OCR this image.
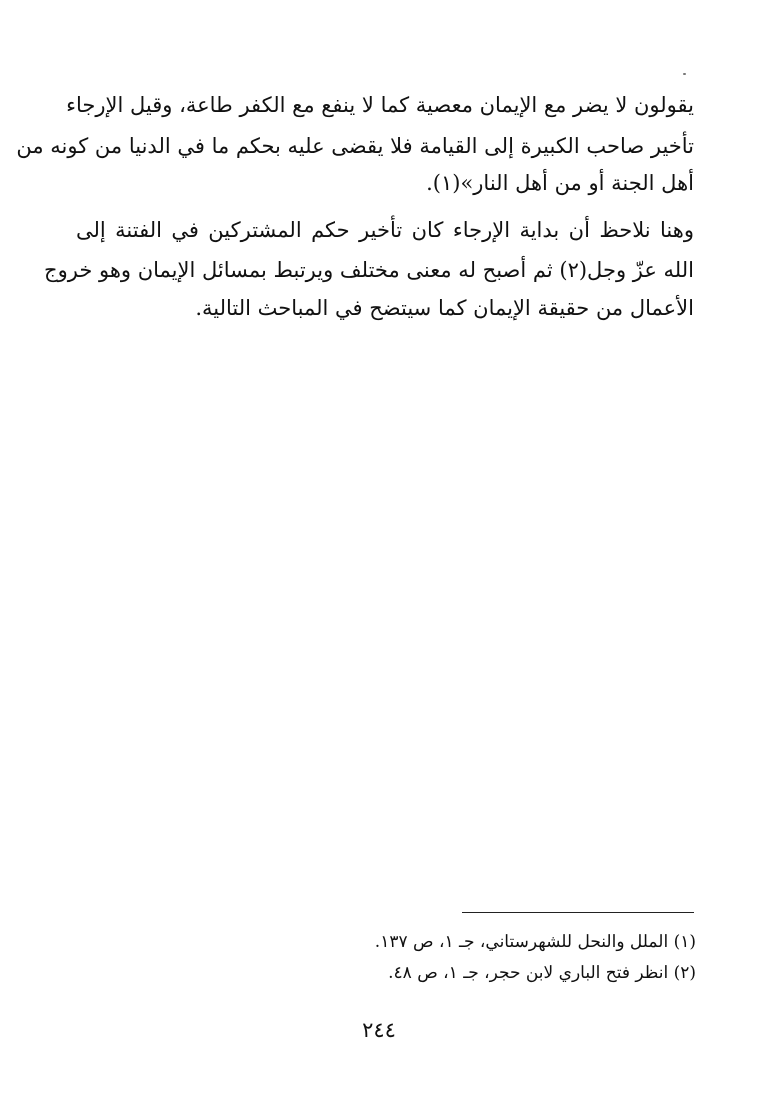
يقولون لا يضر مع الإيمان معصية كما لا ينفع مع الكفر طاعة، وقيل الإرجاء
تأخير صاحب الكبيرة إلى القيامة فلا يقضى عليه بحكم ما في الدنيا من كونه من
أهل الجنة أو من أهل النار»(١).
وهنا نلاحظ أن بداية الإرجاء كان تأخير حكم المشتركين في الفتنة إلى
الله عزّ وجل(٢) ثم أصبح له معنى مختلف ويرتبط بمسائل الإيمان وهو خروج
الأعمال من حقيقة الإيمان كما سيتضح في المباحث التالية.
(١) الملل والنحل للشهرستاني، جـ ١، ص ١٣٧.
(٢) انظر فتح الباري لابن حجر، جـ ١، ص ٤٨.
٢٤٤
